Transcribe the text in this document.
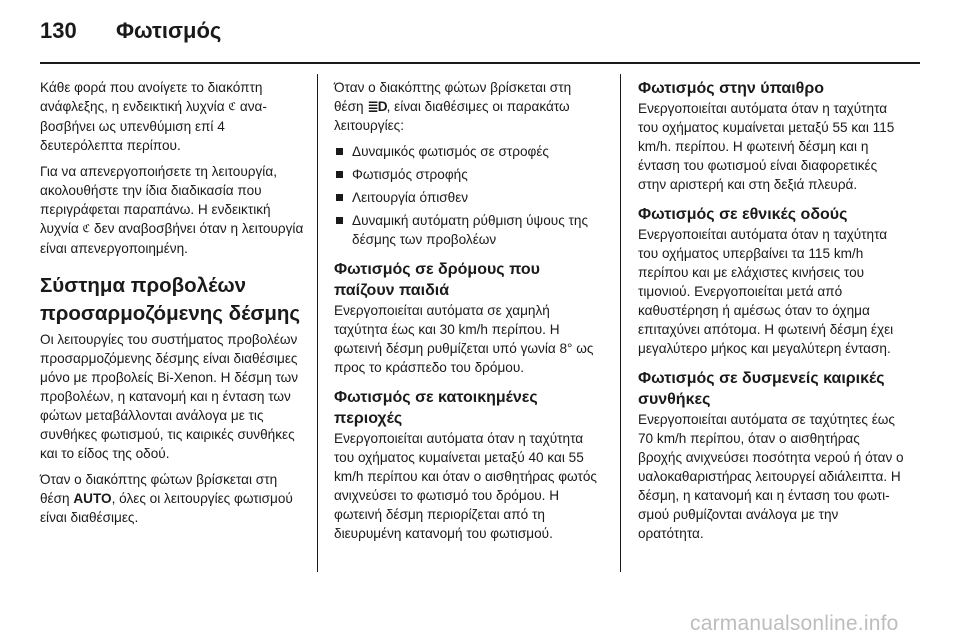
130 Φωτισμός

Κάθε φορά που ανοίγετε το διακόπτη ανάφλεξης, η ενδεικτική λυχνία ℭ αναβοσβήνει ως υπενθύμιση επί 4 δευτερόλεπτα περίπου.

Για να απενεργοποιήσετε τη λειτουργία, ακολουθήστε την ίδια διαδικασία που περιγράφεται παραπάνω. Η ενδεικτική λυχνία ℭ δεν αναβοσβήνει όταν η λειτουργία είναι απενεργοποιημένη.

Σύστημα προβολέων προσαρμοζόμενης δέσμης

Οι λειτουργίες του συστήματος προβολέων προσαρμοζόμενης δέσμης είναι διαθέσιμες μόνο με προβολείς Bi-Xenon. Η δέσμη των προβολέων, η κατανομή και η ένταση των φώτων μεταβάλλονται ανάλογα με τις συνθήκες φωτισμού, τις καιρικές συνθήκες και το είδος της οδού.

Όταν ο διακόπτης φώτων βρίσκεται στη θέση AUTO, όλες οι λειτουργίες φωτισμού είναι διαθέσιμες.

Όταν ο διακόπτης φώτων βρίσκεται στη θέση ≣D, είναι διαθέσιμες οι παρακάτω λειτουργίες:

Δυναμικός φωτισμός σε στροφές
Φωτισμός στροφής
Λειτουργία όπισθεν
Δυναμική αυτόματη ρύθμιση ύψους της δέσμης των προβολέων
Φωτισμός σε δρόμους που παίζουν παιδιά

Ενεργοποιείται αυτόματα σε χαμηλή ταχύτητα έως και 30 km/h περίπου. Η φωτεινή δέσμη ρυθμίζεται υπό γωνία 8° ως προς το κράσπεδο του δρόμου.

Φωτισμός σε κατοικημένες περιοχές

Ενεργοποιείται αυτόματα όταν η ταχύτητα του οχήματος κυμαίνεται μεταξύ 40 και 55 km/h περίπου και όταν ο αισθητήρας φωτός ανιχνεύσει το φωτισμό του δρόμου. Η φωτεινή δέσμη περιορίζεται από τη διευρυμένη κατανομή του φωτισμού.

Φωτισμός στην ύπαιθρο

Ενεργοποιείται αυτόματα όταν η ταχύτητα του οχήματος κυμαίνεται μεταξύ 55 και 115 km/h. περίπου. Η φωτεινή δέσμη και η ένταση του φωτισμού είναι διαφορετικές στην αριστερή και στη δεξιά πλευρά.

Φωτισμός σε εθνικές οδούς

Ενεργοποιείται αυτόματα όταν η ταχύτητα του οχήματος υπερβαίνει τα 115 km/h περίπου και με ελάχιστες κινήσεις του τιμονιού. Ενεργοποιείται μετά από καθυστέρηση ή αμέσως όταν το όχημα επιταχύνει απότομα. Η φωτεινή δέσμη έχει μεγαλύτερο μήκος και μεγαλύτερη ένταση.

Φωτισμός σε δυσμενείς καιρικές συνθήκες

Ενεργοποιείται αυτόματα σε ταχύτητες έως 70 km/h περίπου, όταν ο αισθητήρας βροχής ανιχνεύσει ποσότητα νερού ή όταν ο υαλοκαθαριστήρας λειτουργεί αδιάλειπτα. Η δέσμη, η κατανομή και η ένταση του φωτισμού ρυθμίζονται ανάλογα με την ορατότητα.

carmanualsonline.info
